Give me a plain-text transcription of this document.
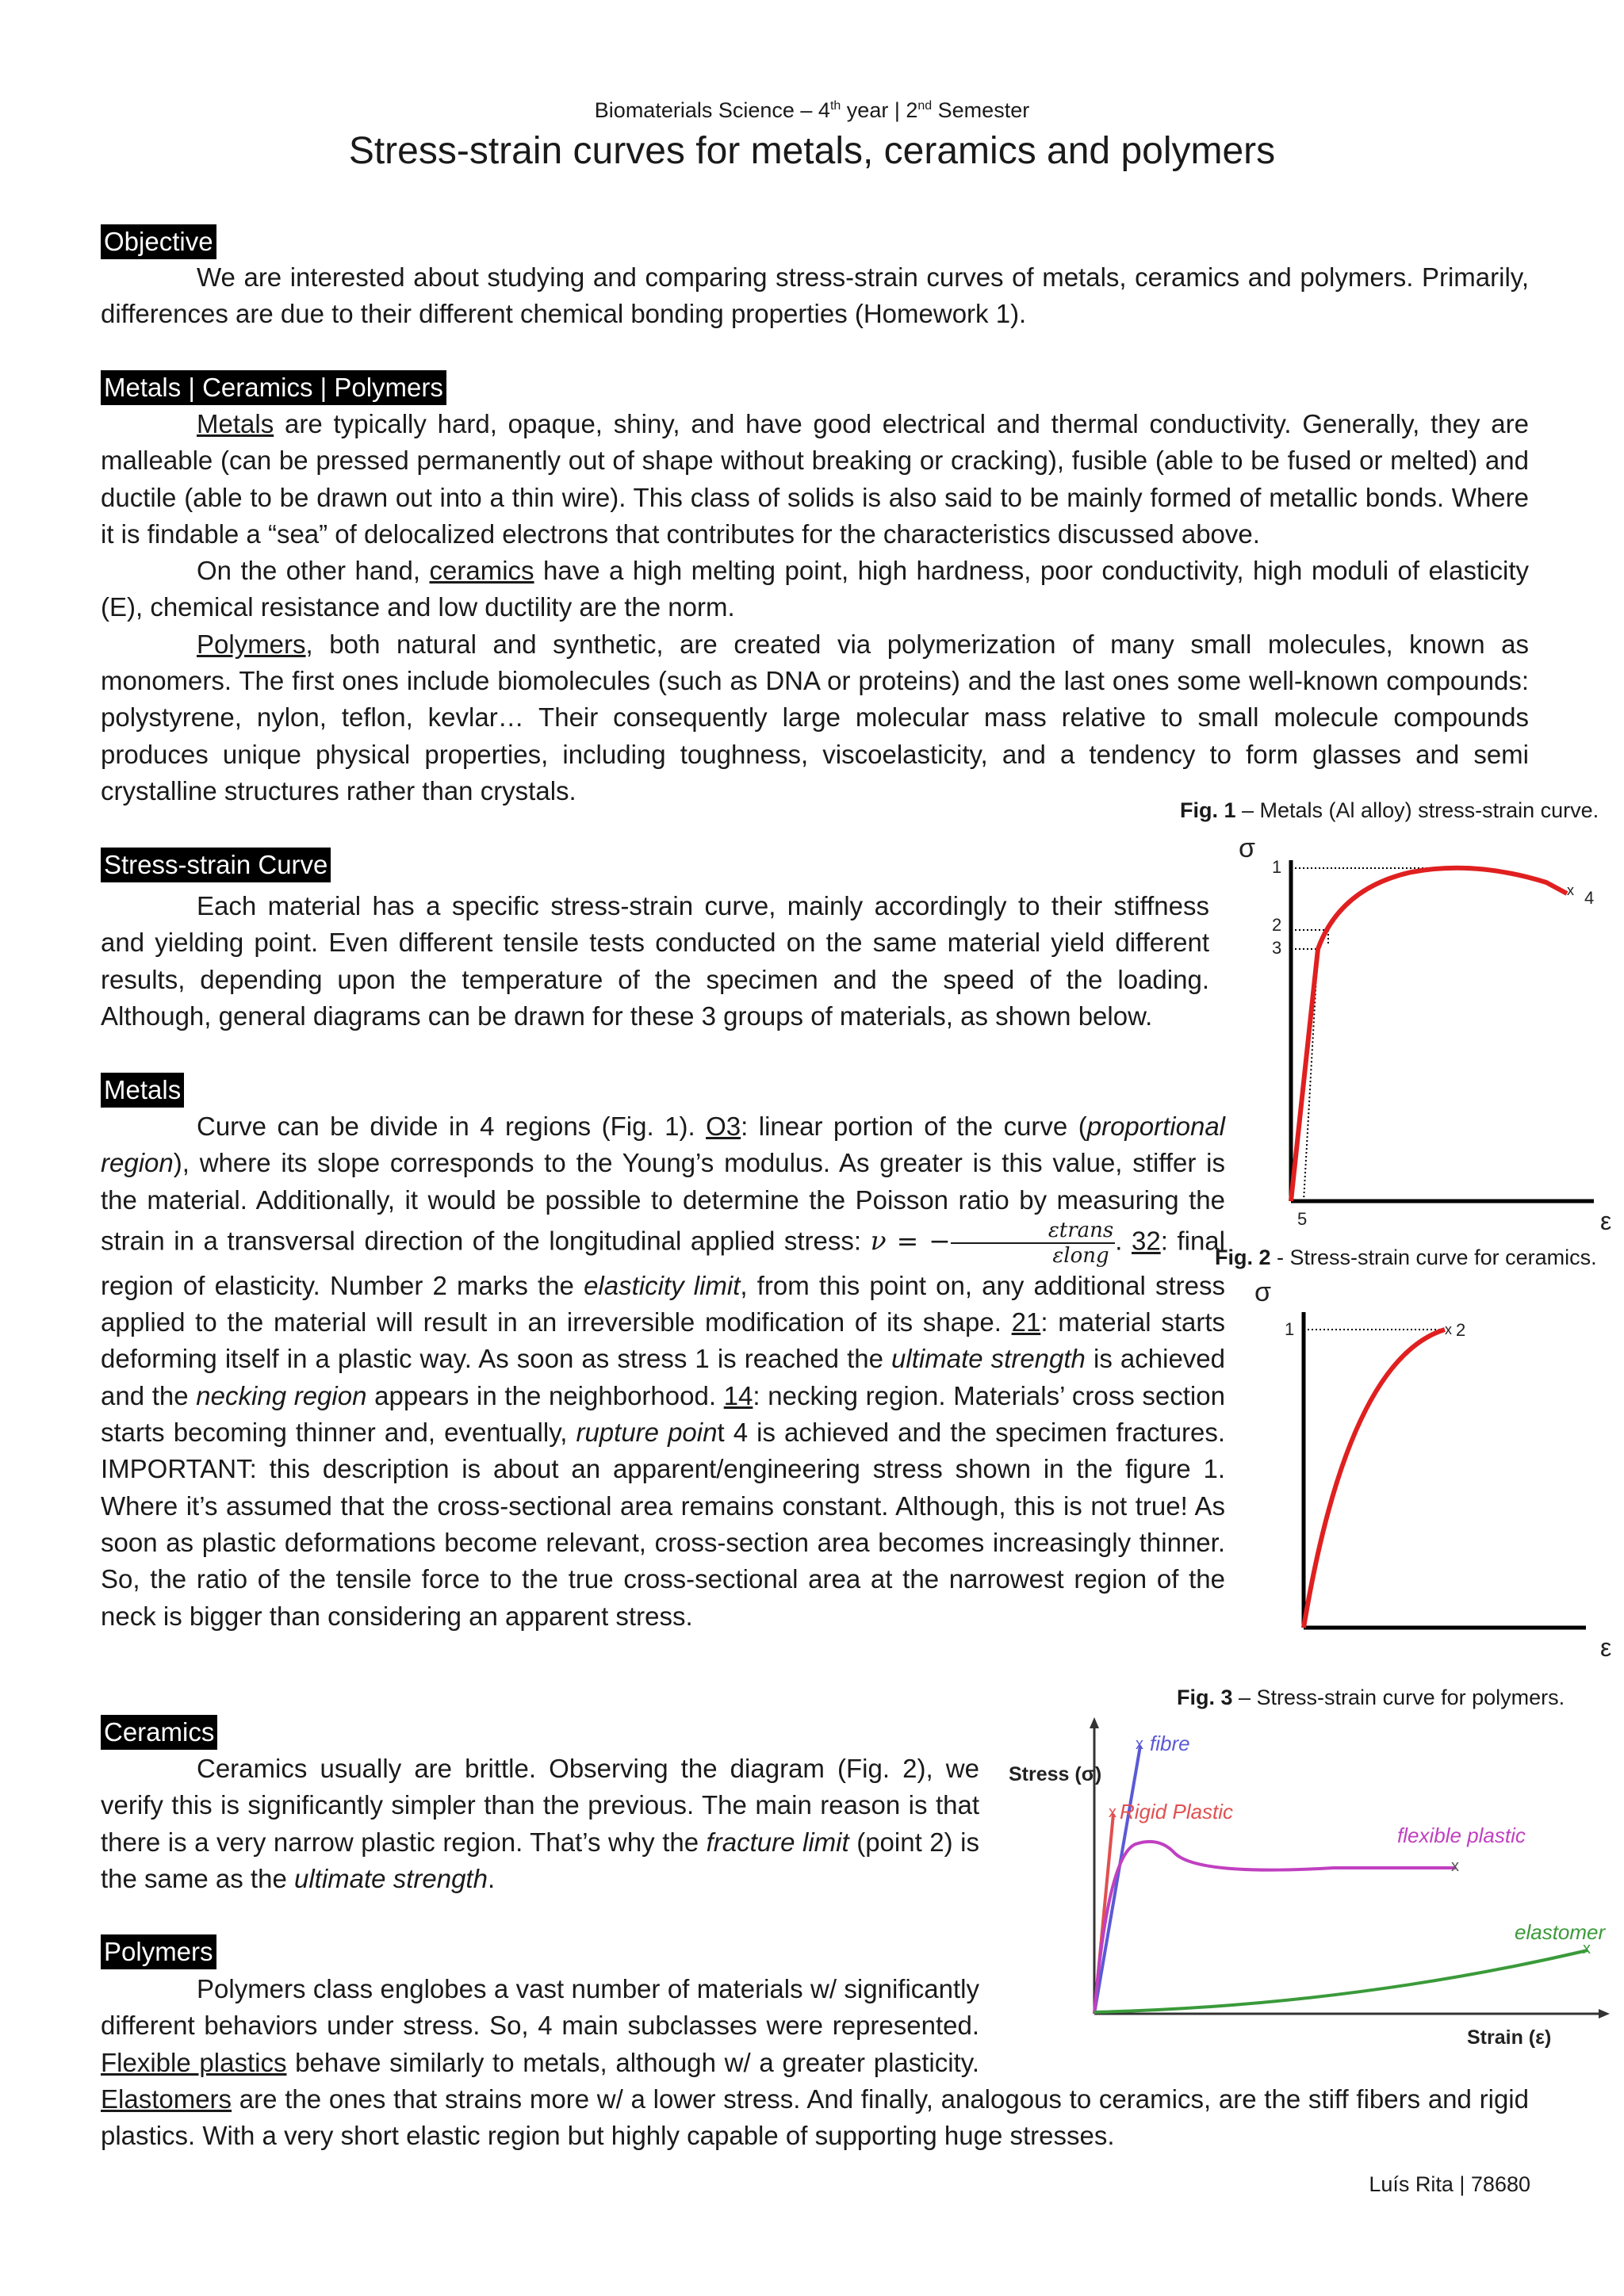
Biomaterials Science – 4th year | 2nd Semester
Stress-strain curves for metals, ceramics and polymers
Objective

We are interested about studying and comparing stress-strain curves of metals, ceramics and polymers. Primarily, differences are due to their different chemical bonding properties (Homework 1).

Metals | Ceramics | Polymers

Metals are typically hard, opaque, shiny, and have good electrical and thermal conductivity. Generally, they are malleable (can be pressed permanently out of shape without breaking or cracking), fusible (able to be fused or melted) and ductile (able to be drawn out into a thin wire). This class of solids is also said to be mainly formed of metallic bonds. Where it is findable a “sea” of delocalized electrons that contributes for the characteristics discussed above.

On the other hand, ceramics have a high melting point, high hardness, poor conductivity, high moduli of elasticity (E), chemical resistance and low ductility are the norm.

Polymers, both natural and synthetic, are created via polymerization of many small molecules, known as monomers. The first ones include biomolecules (such as DNA or proteins) and the last ones some well-known compounds: polystyrene, nylon, teflon, kevlar… Their consequently large molecular mass relative to small molecule compounds produces unique physical properties, including toughness, viscoelasticity, and a tendency to form glasses and semi crystalline structures rather than crystals.

Fig. 1 – Metals (Al alloy) stress-strain curve.
σ
x
1
2
3
4
5	ε
Stress-strain Curve

Each material has a specific stress-strain curve, mainly accordingly to their stiffness and yielding point. Even different tensile tests conducted on the same material yield different results, depending upon the temperature of the specimen and the speed of the loading. Although, general diagrams can be drawn for these 3 groups of materials, as shown below.

Metals

Curve can be divide in 4 regions (Fig. 1). O3: linear portion of the curve (proportional region), where its slope corresponds to the Young’s modulus. As greater is this value, stiffer is the material. Additionally, it would be possible to determine the Poisson ratio by measuring the strain in a transversal direction of the longitudinal applied stress: ν = − $\frac{\text{εtrans}}{\text{εlong}}$ . 32: final region of elasticity. Number 2 marks the elasticity limit, from this point on, any additional stress applied to the material will result in an irreversible modification of its shape. 21: material starts deforming itself in a plastic way. As soon as stress 1 is reached the ultimate strength is achieved and the necking region appears in the neighborhood. 14: necking region. Materials’ cross section starts becoming thinner and, eventually, rupture point 4 is achieved and the specimen fractures. IMPORTANT: this description is about an apparent/engineering stress shown in the figure 1. Where it’s assumed that the cross-sectional area remains constant. Although, this is not true! As soon as plastic deformations become relevant, cross-section area becomes increasingly thinner. So, the ratio of the tensile force to the true cross-sectional area at the narrowest region of the neck is bigger than considering an apparent stress.

Fig. 2 - Stress-strain curve for ceramics.
σ
x
1	2
ε
Fig. 3 – Stress-strain curve for polymers.
Stress (σ)
Strain (ε)
x fibre
x Rigid Plastic
x
flexible plastic
x
elastomer
Ceramics

Ceramics usually are brittle. Observing the diagram (Fig. 2), we verify this is significantly simpler than the previous. The main reason is that there is a very narrow plastic region. That’s why the fracture limit (point 2) is the same as the ultimate strength.

Polymers

Polymers class englobes a vast number of materials w/ significantly different behaviors under stress. So, 4 main subclasses were represented. Flexible plastics behave similarly to metals, although w/ a greater plasticity. Elastomers are the ones that strains more w/ a lower stress. And finally, analogous to ceramics, are the stiff fibers and rigid plastics. With a very short elastic region but highly capable of supporting huge stresses.

Luís Rita | 78680
